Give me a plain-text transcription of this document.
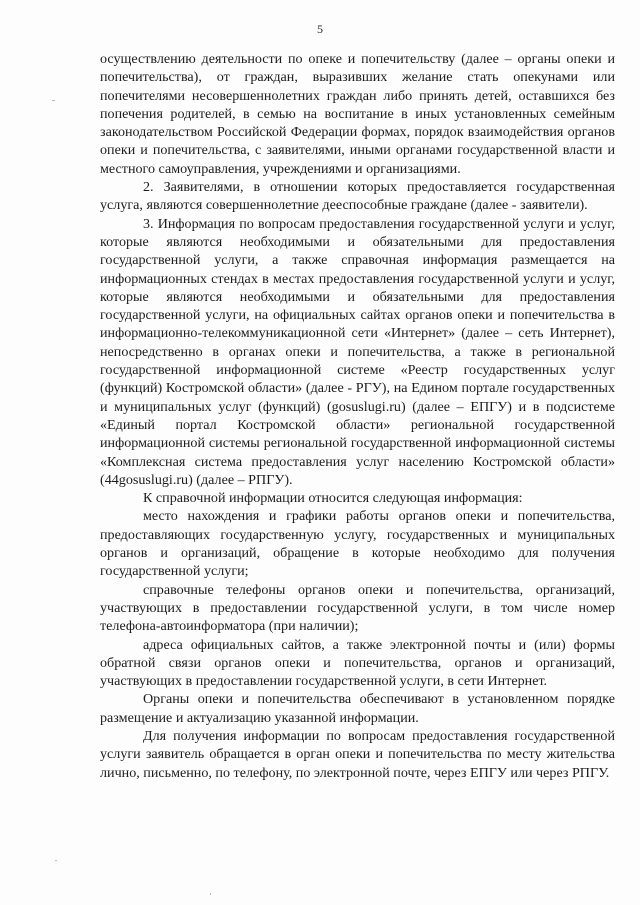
5

осуществлению деятельности по опеке и попечительству (далее – органы опеки и попечительства), от граждан, выразивших желание стать опекунами или попечителями несовершеннолетних граждан либо принять детей, оставшихся без попечения родителей, в семью на воспитание в иных установленных семейным законодательством Российской Федерации формах, порядок взаимодействия органов опеки и попечительства, с заявителями, иными органами государственной власти и местного самоуправления, учреждениями и организациями.

2. Заявителями, в отношении которых предоставляется государственная услуга, являются совершеннолетние дееспособные граждане (далее - заявители).

3. Информация по вопросам предоставления государственной услуги и услуг, которые являются необходимыми и обязательными для предоставления государственной услуги, а также справочная информация размещается на информационных стендах в местах предоставления государственной услуги и услуг, которые являются необходимыми и обязательными для предоставления государственной услуги, на официальных сайтах органов опеки и попечительства в информационно-телекоммуникационной сети «Интернет» (далее – сеть Интернет), непосредственно в органах опеки и попечительства, а также в региональной государственной информационной системе «Реестр государственных услуг (функций) Костромской области» (далее - РГУ), на Едином портале государственных и муниципальных услуг (функций) (gosuslugi.ru) (далее – ЕПГУ) и в подсистеме «Единый портал Костромской области» региональной государственной информационной системы региональной государственной информационной системы «Комплексная система предоставления услуг населению Костромской области» (44gosuslugi.ru) (далее – РПГУ).

К справочной информации относится следующая информация:

место нахождения и графики работы органов опеки и попечительства, предоставляющих государственную услугу, государственных и муниципальных органов и организаций, обращение в которые необходимо для получения государственной услуги;

справочные телефоны органов опеки и попечительства, организаций, участвующих в предоставлении государственной услуги, в том числе номер телефона-автоинформатора (при наличии);

адреса официальных сайтов, а также электронной почты и (или) формы обратной связи органов опеки и попечительства, органов и организаций, участвующих в предоставлении государственной услуги, в сети Интернет.

Органы опеки и попечительства обеспечивают в установленном порядке размещение и актуализацию указанной информации.

Для получения информации по вопросам предоставления государственной услуги заявитель обращается в орган опеки и попечительства по месту жительства лично, письменно, по телефону, по электронной почте, через ЕПГУ или через РПГУ.
